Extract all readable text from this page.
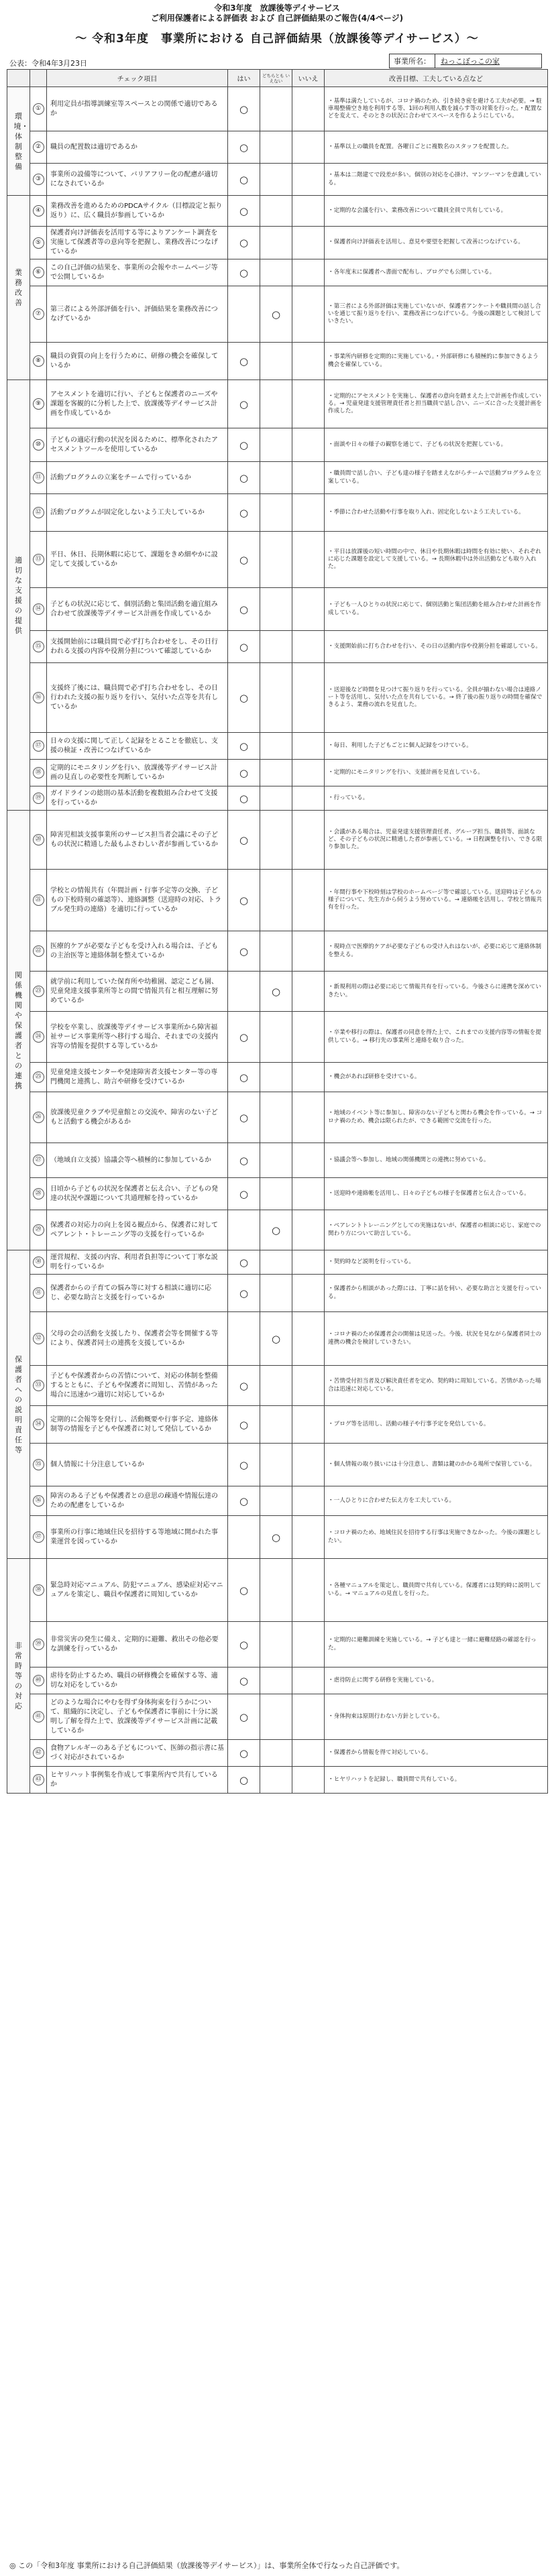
令和3年度　放課後等デイサービス
ご利用保護者による評価表 および 自己評価結果のご報告(4/4ページ)
～ 令和3年度　事業所における 自己評価結果（放課後等デイサービス）～
公表：令和4年3月23日	事業所名：	ねっこぼっこの家
		チェック項目	はい	どちらとも いえない	いいえ	改善目標、工夫している点など
環境・体制整備	①	利用定員が指導訓練室等スペースとの関係で適切であるか	○			・基準は満たしているが、コロナ禍のため、引き続き密を避ける工夫が必要。→ 駐車場整備空き地を利用する等、1回の利用人数を減らす等の対策を行った。・配置などを変えて、そのときの状況に合わせてスペースを作るようにしている。
	②	職員の配置数は適切であるか	○			・基準以上の職員を配置。各曜日ごとに複数名のスタッフを配置した。
	③	事業所の設備等について、バリアフリー化の配慮が適切になされているか	○			・基本は二階建てで段差が多い。個別の対応を心掛け、マンツーマンを意識している。
業務改善	④	業務改善を進めるためのPDCAサイクル（目標設定と振り返り）に、広く職員が参画しているか	○			・定期的な会議を行い、業務改善について職員全員で共有している。
	⑤	保護者向け評価表を活用する等によりアンケート調査を実施して保護者等の意向等を把握し、業務改善につなげているか	○			・保護者向け評価表を活用し、意見や要望を把握して改善につなげている。
	⑥	この自己評価の結果を、事業所の会報やホームページ等で公開しているか	○			・各年度末に保護者へ書面で配布し、ブログでも公開している。
	⑦	第三者による外部評価を行い、評価結果を業務改善につなげているか		○		・第三者による外部評価は実施していないが、保護者アンケートや職員間の話し合いを通じて振り返りを行い、業務改善につなげている。今後の課題として検討していきたい。
	⑧	職員の資質の向上を行うために、研修の機会を確保しているか	○			・事業所内研修を定期的に実施している。・外部研修にも積極的に参加できるよう機会を確保している。
適切な支援の提供	⑨	アセスメントを適切に行い、子どもと保護者のニーズや課題を客観的に分析した上で、放課後等デイサービス計画を作成しているか	○			・定期的にアセスメントを実施し、保護者の意向を踏まえた上で計画を作成している。→ 児童発達支援管理責任者と担当職員で話し合い、ニーズに合った支援計画を作成した。
	⑩	子どもの適応行動の状況を図るために、標準化されたアセスメントツールを使用しているか	○			・面談や日々の様子の観察を通じて、子どもの状況を把握している。
	⑪	活動プログラムの立案をチームで行っているか	○			・職員間で話し合い、子ども達の様子を踏まえながらチームで活動プログラムを立案している。
	⑫	活動プログラムが固定化しないよう工夫しているか	○			・季節に合わせた活動や行事を取り入れ、固定化しないよう工夫している。
	⑬	平日、休日、長期休暇に応じて、課題をきめ細やかに設定して支援しているか	○			・平日は放課後の短い時間の中で、休日や長期休暇は時間を有効に使い、それぞれに応じた課題を設定して支援している。→ 長期休暇中は外出活動なども取り入れた。
	⑭	子どもの状況に応じて、個別活動と集団活動を適宜組み合わせて放課後等デイサービス計画を作成しているか	○			・子ども一人ひとりの状況に応じて、個別活動と集団活動を組み合わせた計画を作成している。
	⑮	支援開始前には職員間で必ず打ち合わせをし、その日行われる支援の内容や役割分担について確認しているか	○			・支援開始前に打ち合わせを行い、その日の活動内容や役割分担を確認している。
	⑯	支援終了後には、職員間で必ず打ち合わせをし、その日行われた支援の振り返りを行い、気付いた点等を共有しているか	○			・送迎後など時間を見つけて振り返りを行っている。全員が揃わない場合は連絡ノート等を活用し、気付いた点を共有している。→ 終了後の振り返りの時間を確保できるよう、業務の流れを見直した。
	⑰	日々の支援に関して正しく記録をとることを徹底し、支援の検証・改善につなげているか	○			・毎日、利用した子どもごとに個人記録をつけている。
	⑱	定期的にモニタリングを行い、放課後等デイサービス計画の見直しの必要性を判断しているか	○			・定期的にモニタリングを行い、支援計画を見直している。
	⑲	ガイドラインの総則の基本活動を複数組み合わせて支援を行っているか	○			・行っている。
関係機関や保護者との連携	⑳	障害児相談支援事業所のサービス担当者会議にその子どもの状況に精通した最もふさわしい者が参画しているか	○			・会議がある場合は、児童発達支援管理責任者、グループ担当、職員等、面談など、その子どもの状況に精通した者が参画している。→ 日程調整を行い、できる限り参加した。
	㉑	学校との情報共有（年間計画・行事予定等の交換、子どもの下校時刻の確認等）、連絡調整（送迎時の対応、トラブル発生時の連絡）を適切に行っているか	○			・年間行事や下校時刻は学校のホームページ等で確認している。送迎時は子どもの様子について、先生方から伺うよう努めている。→ 連絡帳を活用し、学校と情報共有を行った。
	㉒	医療的ケアが必要な子どもを受け入れる場合は、子どもの主治医等と連絡体制を整えているか	○			・現時点で医療的ケアが必要な子どもの受け入れはないが、必要に応じて連絡体制を整える。
	㉓	就学前に利用していた保育所や幼稚園、認定こども園、児童発達支援事業所等との間で情報共有と相互理解に努めているか		○		・新規利用の際は必要に応じて情報共有を行っている。今後さらに連携を深めていきたい。
	㉔	学校を卒業し、放課後等デイサービス事業所から障害福祉サービス事業所等へ移行する場合、それまでの支援内容等の情報を提供する等しているか	○			・卒業や移行の際は、保護者の同意を得た上で、これまでの支援内容等の情報を提供している。→ 移行先の事業所と連絡を取り合った。
	㉕	児童発達支援センターや発達障害者支援センター等の専門機関と連携し、助言や研修を受けているか	○			・機会があれば研修を受けている。
	㉖	放課後児童クラブや児童館との交流や、障害のない子どもと活動する機会があるか	○			・地域のイベント等に参加し、障害のない子どもと関わる機会を作っている。→ コロナ禍のため、機会は限られたが、できる範囲で交流を行った。
	㉗	（地域自立支援）協議会等へ積極的に参加しているか	○			・協議会等へ参加し、地域の関係機関との連携に努めている。
	㉘	日頃から子どもの状況を保護者と伝え合い、子どもの発達の状況や課題について共通理解を持っているか	○			・送迎時や連絡帳を活用し、日々の子どもの様子を保護者と伝え合っている。
	㉙	保護者の対応力の向上を図る観点から、保護者に対してペアレント・トレーニング等の支援を行っているか		○		・ペアレントトレーニングとしての実施はないが、保護者の相談に応じ、家庭での関わり方について助言している。
保護者への説明責任等	㉚	運営規程、支援の内容、利用者負担等について丁寧な説明を行っているか	○			・契約時など説明を行っている。
	㉛	保護者からの子育ての悩み等に対する相談に適切に応じ、必要な助言と支援を行っているか	○			・保護者から相談があった際には、丁寧に話を伺い、必要な助言と支援を行っている。
	㉜	父母の会の活動を支援したり、保護者会等を開催する等により、保護者同士の連携を支援しているか		○		・コロナ禍のため保護者会の開催は見送った。今後、状況を見ながら保護者同士の連携の機会を検討していきたい。
	㉝	子どもや保護者からの苦情について、対応の体制を整備するとともに、子どもや保護者に周知し、苦情があった場合に迅速かつ適切に対応しているか	○			・苦情受付担当者及び解決責任者を定め、契約時に周知している。苦情があった場合は迅速に対応している。
	㉞	定期的に会報等を発行し、活動概要や行事予定、連絡体制等の情報を子どもや保護者に対して発信しているか	○			・ブログ等を活用し、活動の様子や行事予定を発信している。
	㉟	個人情報に十分注意しているか	○			・個人情報の取り扱いには十分注意し、書類は鍵のかかる場所で保管している。
	㊱	障害のある子どもや保護者との意思の疎通や情報伝達のための配慮をしているか	○			・一人ひとりに合わせた伝え方を工夫している。
	㊲	事業所の行事に地域住民を招待する等地域に開かれた事業運営を図っているか		○		・コロナ禍のため、地域住民を招待する行事は実施できなかった。今後の課題としたい。
非常時等の対応	㊳	緊急時対応マニュアル、防犯マニュアル、感染症対応マニュアルを策定し、職員や保護者に周知しているか	○			・各種マニュアルを策定し、職員間で共有している。保護者には契約時に説明している。→ マニュアルの見直しを行った。
	㊴	非常災害の発生に備え、定期的に避難、救出その他必要な訓練を行っているか	○			・定期的に避難訓練を実施している。→ 子ども達と一緒に避難経路の確認を行った。
	㊵	虐待を防止するため、職員の研修機会を確保する等、適切な対応をしているか	○			・虐待防止に関する研修を実施している。
	㊶	どのような場合にやむを得ず身体拘束を行うかについて、組織的に決定し、子どもや保護者に事前に十分に説明し了解を得た上で、放課後等デイサービス計画に記載しているか	○			・身体拘束は原則行わない方針としている。
	㊷	食物アレルギーのある子どもについて、医師の指示書に基づく対応がされているか	○			・保護者から情報を得て対応している。
	㊸	ヒヤリハット事例集を作成して事業所内で共有しているか	○			・ヒヤリハットを記録し、職員間で共有している。
◎ この「令和3年度 事業所における自己評価結果（放課後等デイサービス）」は、事業所全体で行なった自己評価です。
